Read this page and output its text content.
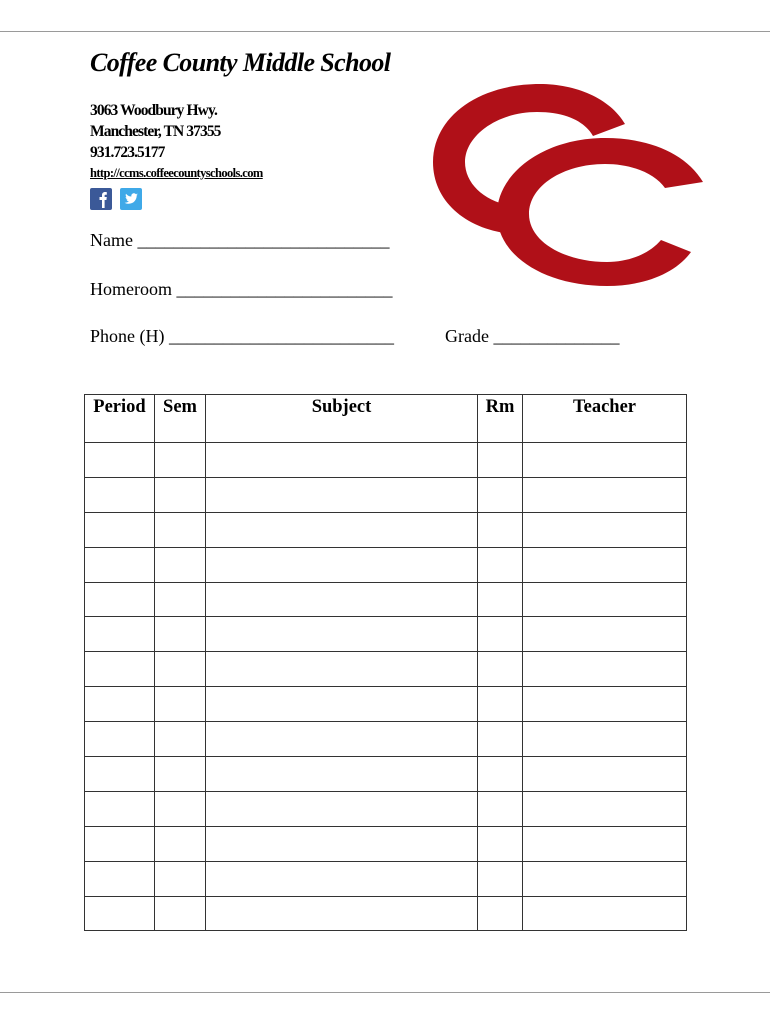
Coffee County Middle School
3063 Woodbury Hwy.
Manchester, TN 37355
931.723.5177
http://ccms.coffeecountyschools.com
Name ____________________________
Homeroom ________________________
Phone (H) _________________________	Grade ______________
Period	Sem	Subject	Rm	Teacher
